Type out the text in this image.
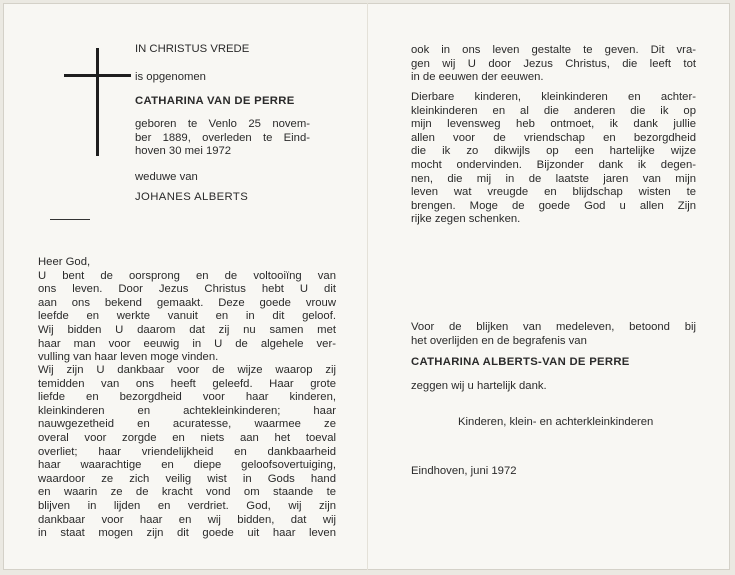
IN CHRISTUS VREDE

is opgenomen

CATHARINA VAN DE PERRE

geboren te Venlo 25 novem-
ber 1889, overleden te Eind-
hoven 30 mei 1972

weduwe van

JOHANES ALBERTS

Heer God,
U bent de oorsprong en de voltooiïng van
ons leven. Door Jezus Christus hebt U dit
aan ons bekend gemaakt. Deze goede vrouw
leefde en werkte vanuit en in dit geloof.
Wij bidden U daarom dat zij nu samen met
haar man voor eeuwig in U de algehele ver-
vulling van haar leven moge vinden.
Wij zijn U dankbaar voor de wijze waarop zij
temidden van ons heeft geleefd. Haar grote
liefde en bezorgdheid voor haar kinderen,
kleinkinderen en achtekleinkinderen; haar
nauwgezetheid en acuratesse, waarmee ze
overal voor zorgde en niets aan het toeval
overliet; haar vriendelijkheid en dankbaarheid
haar waarachtige en diepe geloofsovertuiging,
waardoor ze zich veilig wist in Gods hand
en waarin ze de kracht vond om staande te
blijven in lijden en verdriet. God, wij zijn
dankbaar voor haar en wij bidden, dat wij
in staat mogen zijn dit goede uit haar leven
ook in ons leven gestalte te geven. Dit vra-
gen wij U door Jezus Christus, die leeft tot
in de eeuwen der eeuwen.
Dierbare kinderen, kleinkinderen en achter-
kleinkinderen en al die anderen die ik op
mijn levensweg heb ontmoet, ik dank jullie
allen voor de vriendschap en bezorgdheid
die ik zo dikwijls op een hartelijke wijze
mocht ondervinden. Bijzonder dank ik degen-
nen, die mij in de laatste jaren van mijn
leven wat vreugde en blijdschap wisten te
brengen. Moge de goede God u allen Zijn
rijke zegen schenken.
Voor de blijken van medeleven, betoond bij
het overlijden en de begrafenis van

CATHARINA ALBERTS-VAN DE PERRE

zeggen wij u hartelijk dank.

Kinderen, klein- en achterkleinkinderen

Eindhoven, juni 1972
